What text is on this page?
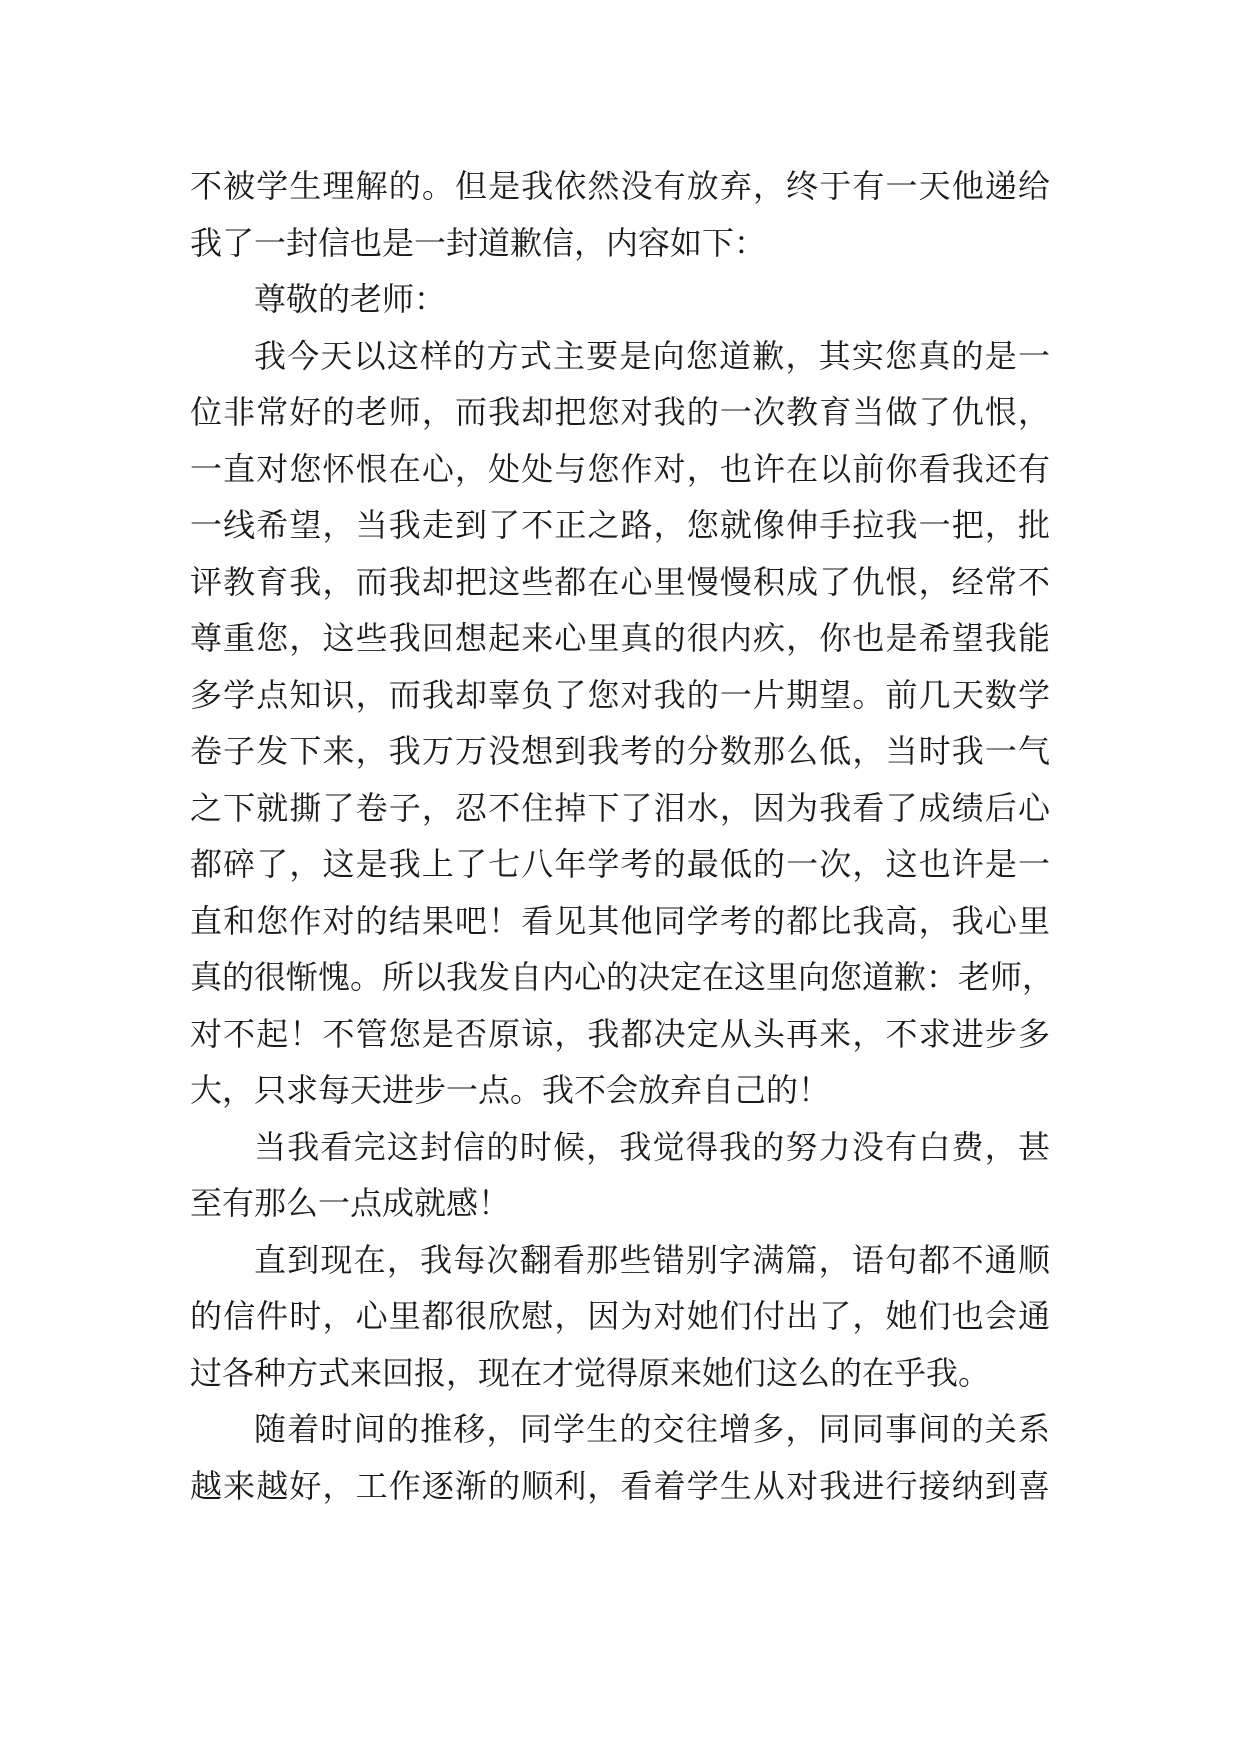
不被学生理解的。但是我依然没有放弃，终于有一天他递给
我了一封信也是一封道歉信，内容如下：
尊敬的老师：
我今天以这样的方式主要是向您道歉，其实您真的是一
位非常好的老师，而我却把您对我的一次教育当做了仇恨，
一直对您怀恨在心，处处与您作对，也许在以前你看我还有
一线希望，当我走到了不正之路，您就像伸手拉我一把，批
评教育我，而我却把这些都在心里慢慢积成了仇恨，经常不
尊重您，这些我回想起来心里真的很内疚，你也是希望我能
多学点知识，而我却辜负了您对我的一片期望。前几天数学
卷子发下来，我万万没想到我考的分数那么低，当时我一气
之下就撕了卷子，忍不住掉下了泪水，因为我看了成绩后心
都碎了，这是我上了七八年学考的最低的一次，这也许是一
直和您作对的结果吧！看见其他同学考的都比我高，我心里
真的很惭愧。所以我发自内心的决定在这里向您道歉：老师，
对不起！不管您是否原谅，我都决定从头再来，不求进步多
大，只求每天进步一点。我不会放弃自己的！
当我看完这封信的时候，我觉得我的努力没有白费，甚
至有那么一点成就感！
直到现在，我每次翻看那些错别字满篇，语句都不通顺
的信件时，心里都很欣慰，因为对她们付出了，她们也会通
过各种方式来回报，现在才觉得原来她们这么的在乎我。
随着时间的推移，同学生的交往增多，同同事间的关系
越来越好，工作逐渐的顺利，看着学生从对我进行接纳到喜
